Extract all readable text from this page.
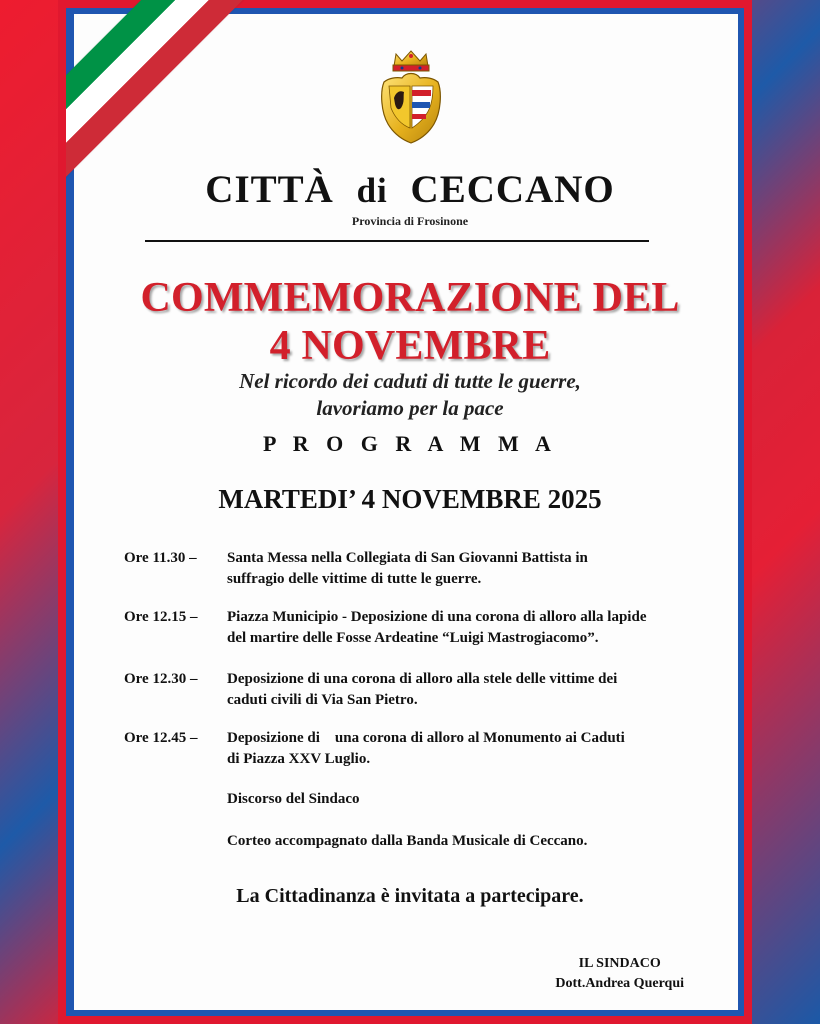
CITTÀ di CECCANO
Provincia di Frosinone
COMMEMORAZIONE DEL
4 NOVEMBRE
Nel ricordo dei caduti di tutte le guerre,
lavoriamo per la pace
P R O G R A M M A
MARTEDI’ 4 NOVEMBRE 2025
Ore 11.30 –	Santa Messa nella Collegiata di San Giovanni Battista in
suffragio delle vittime di tutte le guerre.
Ore 12.15 –	Piazza Municipio - Deposizione di una corona di alloro alla lapide
del martire delle Fosse Ardeatine “Luigi Mastrogiacomo”.
Ore 12.30 –	Deposizione di una corona di alloro alla stele delle vittime dei
caduti civili di Via San Pietro.
Ore 12.45 –	Deposizione di    una corona di alloro al Monumento ai Caduti
di Piazza XXV Luglio.
Discorso del Sindaco
Corteo accompagnato dalla Banda Musicale di Ceccano.
La Cittadinanza è invitata a partecipare.
IL SINDACO
Dott.Andrea Querqui
